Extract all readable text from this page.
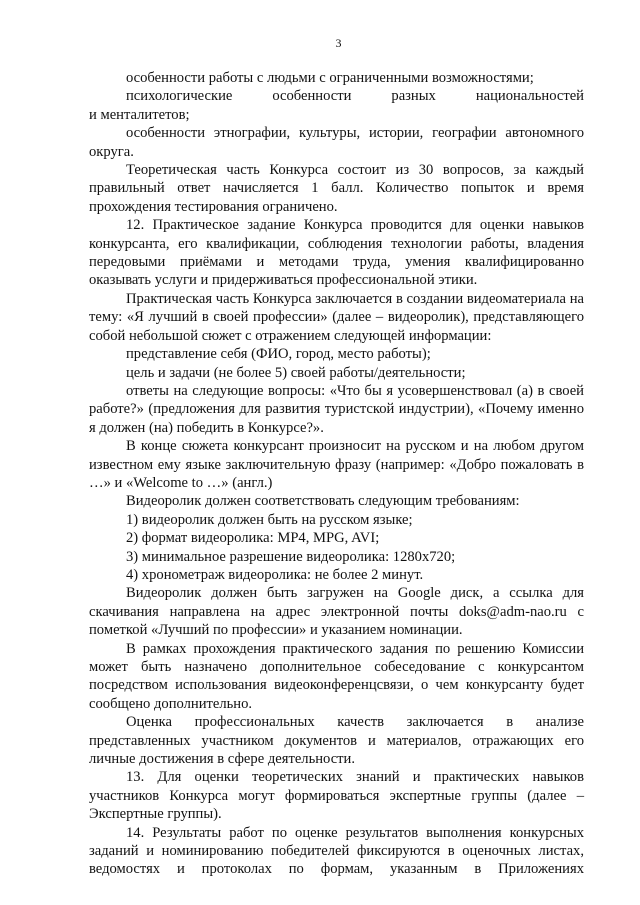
3

особенности работы с людьми с ограниченными возможностями;

психологические особенности разных национальностей

и менталитетов;

особенности этнографии, культуры, истории, географии автономного округа.

Теоретическая часть Конкурса состоит из 30 вопросов, за каждый правильный ответ начисляется 1 балл. Количество попыток и время прохождения тестирования ограничено.

12. Практическое задание Конкурса проводится для оценки навыков конкурсанта, его квалификации, соблюдения технологии работы, владения передовыми приёмами и методами труда, умения квалифицированно оказывать услуги и придерживаться профессиональной этики.

Практическая часть Конкурса заключается в создании видеоматериала на тему: «Я лучший в своей профессии» (далее – видеоролик), представляющего собой небольшой сюжет с отражением следующей информации:

представление себя (ФИО, город, место работы);

цель и задачи (не более 5) своей работы/деятельности;

ответы на следующие вопросы: «Что бы я усовершенствовал (а) в своей работе?» (предложения для развития туристской индустрии), «Почему именно я должен (на) победить в Конкурсе?».

В конце сюжета конкурсант произносит на русском и на любом другом известном ему языке заключительную фразу (например: «Добро пожаловать в …» и «Welcome to …» (англ.)

Видеоролик должен соответствовать следующим требованиям:

1) видеоролик должен быть на русском языке;

2) формат видеоролика: MP4, MPG, AVI;

3) минимальное разрешение видеоролика: 1280x720;

4) хронометраж видеоролика: не более 2 минут.

Видеоролик должен быть загружен на Google диск, а ссылка для скачивания направлена на адрес электронной почты doks@adm-nao.ru с пометкой «Лучший по профессии» и указанием номинации.

В рамках прохождения практического задания по решению Комиссии может быть назначено дополнительное собеседование с конкурсантом посредством использования видеоконференцсвязи, о чем конкурсанту будет сообщено дополнительно.

Оценка профессиональных качеств заключается в анализе представленных участником документов и материалов, отражающих его личные достижения в сфере деятельности.

13. Для оценки теоретических знаний и практических навыков участников Конкурса могут формироваться экспертные группы (далее – Экспертные группы).

14. Результаты работ по оценке результатов выполнения конкурсных заданий и номинированию победителей фиксируются в оценочных листах, ведомостях и протоколах по формам, указанным в Приложениях
